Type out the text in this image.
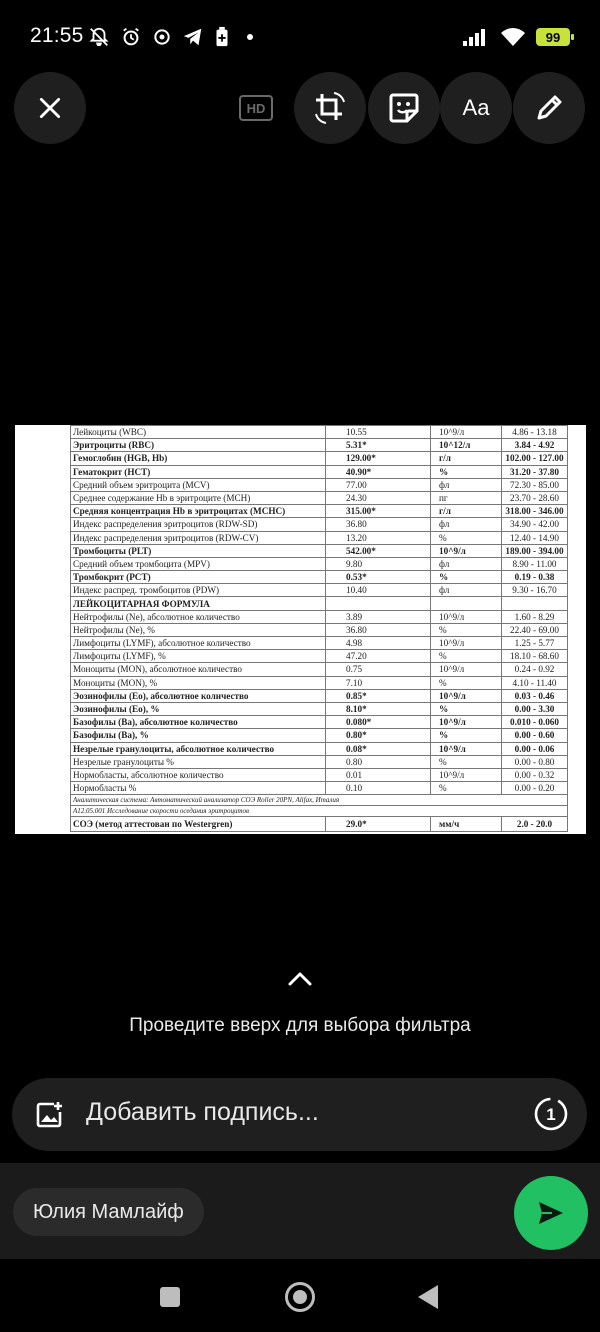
21:55	99
HD	Aa
Лейкоциты (WBC)	10.55	10^9/л	4.86 - 13.18
Эритроциты (RBC)	5.31*	10^12/л	3.84 - 4.92
Гемоглобин (HGB, Hb)	129.00*	г/л	102.00 - 127.00
Гематокрит (HCT)	40.90*	%	31.20 - 37.80
Средний объем эритроцита (MCV)	77.00	фл	72.30 - 85.00
Среднее содержание Hb в эритроците (MCH)	24.30	пг	23.70 - 28.60
Средняя концентрация Hb в эритроцитах (MCHC)	315.00*	г/л	318.00 - 346.00
Индекс распределения эритроцитов (RDW-SD)	36.80	фл	34.90 - 42.00
Индекс распределения эритроцитов (RDW-CV)	13.20	%	12.40 - 14.90
Тромбоциты (PLT)	542.00*	10^9/л	189.00 - 394.00
Средний объем тромбоцита (MPV)	9.80	фл	8.90 - 11.00
Тромбокрит (PCT)	0.53*	%	0.19 - 0.38
Индекс распред. тромбоцитов (PDW)	10.40	фл	9.30 - 16.70
ЛЕЙКОЦИТАРНАЯ ФОРМУЛА			
Нейтрофилы (Ne), абсолютное количество	3.89	10^9/л	1.60 - 8.29
Нейтрофилы (Ne), %	36.80	%	22.40 - 69.00
Лимфоциты (LYMF), абсолютное количество	4.98	10^9/л	1.25 - 5.77
Лимфоциты (LYMF), %	47.20	%	18.10 - 68.60
Моноциты (MON), абсолютное количество	0.75	10^9/л	0.24 - 0.92
Моноциты (MON), %	7.10	%	4.10 - 11.40
Эозинофилы (Eo), абсолютное количество	0.85*	10^9/л	0.03 - 0.46
Эозинофилы (Eo), %	8.10*	%	0.00 - 3.30
Базофилы (Ba), абсолютное количество	0.080*	10^9/л	0.010 - 0.060
Базофилы (Ba), %	0.80*	%	0.00 - 0.60
Незрелые гранулоциты, абсолютное количество	0.08*	10^9/л	0.00 - 0.06
Незрелые гранулоциты %	0.80	%	0.00 - 0.80
Нормобласты, абсолютное количество	0.01	10^9/л	0.00 - 0.32
Нормобласты %	0.10	%	0.00 - 0.20
Аналитическая система: Автоматический анализатор СОЭ Roller 20PN, Alifax, Италия			
A12.05.001 Исследование скорости оседания эритроцитов			
СОЭ (метод аттестован по Westergren)	29.0*	мм/ч	2.0 - 20.0
Проведите вверх для выбора фильтра
Добавить подпись...	1
Юлия Мамлайф
